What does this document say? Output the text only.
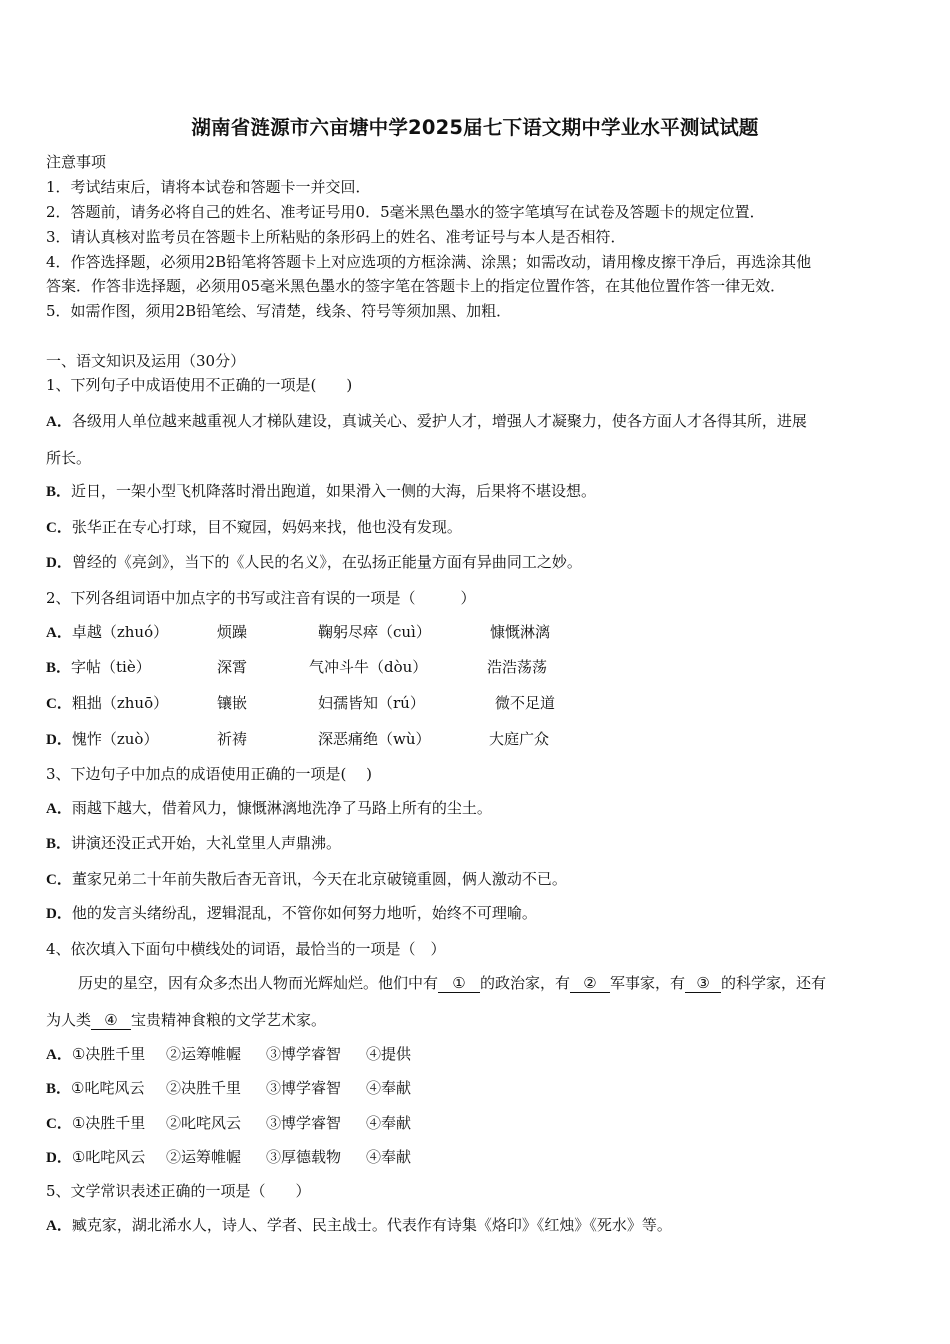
湖南省涟源市六亩塘中学2025届七下语文期中学业水平测试试题
注意事项
1．考试结束后，请将本试卷和答题卡一并交回．
2．答题前，请务必将自己的姓名、准考证号用0．5毫米黑色墨水的签字笔填写在试卷及答题卡的规定位置．
3．请认真核对监考员在答题卡上所粘贴的条形码上的姓名、准考证号与本人是否相符．
4．作答选择题，必须用2B铅笔将答题卡上对应选项的方框涂满、涂黑；如需改动，请用橡皮擦干净后，再选涂其他
答案．作答非选择题，必须用05毫米黑色墨水的签字笔在答题卡上的指定位置作答，在其他位置作答一律无效．
5．如需作图，须用2B铅笔绘、写清楚，线条、符号等须加黑、加粗．
一、语文知识及运用（30分）
1、下列句子中成语使用不正确的一项是(　　)
A．各级用人单位越来越重视人才梯队建设，真诚关心、爱护人才，增强人才凝聚力，使各方面人才各得其所，进展
所长。
B．近日，一架小型飞机降落时滑出跑道，如果滑入一侧的大海，后果将不堪设想。
C．张华正在专心打球，目不窥园，妈妈来找，他也没有发现。
D．曾经的《亮剑》，当下的《人民的名义》，在弘扬正能量方面有异曲同工之妙。
2、下列各组词语中加点字的书写或注音有误的一项是（　　　）
A．卓越（zhuó）	烦躁	鞠躬尽瘁（cuì）	慷慨淋漓
B．字帖（tiè）	深霄	气冲斗牛（dòu）	浩浩荡荡
C．粗拙（zhuō）	镶嵌	妇孺皆知（rú）	微不足道
D．愧怍（zuò）	祈祷	深恶痛绝（wù）	大庭广众
3、下边句子中加点的成语使用正确的一项是(　 )
A．雨越下越大，借着风力，慷慨淋漓地洗净了马路上所有的尘土。
B．讲演还没正式开始，大礼堂里人声鼎沸。
C．董家兄弟二十年前失散后杳无音讯，今天在北京破镜重圆，俩人激动不已。
D．他的发言头绪纷乱，逻辑混乱，不管你如何努力地听，始终不可理喻。
4、依次填入下面句中横线处的词语，最恰当的一项是（　）
历史的星空，因有众多杰出人物而光辉灿烂。他们中有 ① 的政治家，有 ② 军事家，有 ③ 的科学家，还有
为人类 ④ 宝贵精神食粮的文学艺术家。
A．①决胜千里 ②运筹帷幄 ③博学睿智 ④提供
B．①叱咤风云 ②决胜千里 ③博学睿智 ④奉献
C．①决胜千里 ②叱咤风云 ③博学睿智 ④奉献
D．①叱咤风云 ②运筹帷幄 ③厚德载物 ④奉献
5、文学常识表述正确的一项是（　　）
A．臧克家，湖北浠水人，诗人、学者、民主战士。代表作有诗集《烙印》《红烛》《死水》等。
